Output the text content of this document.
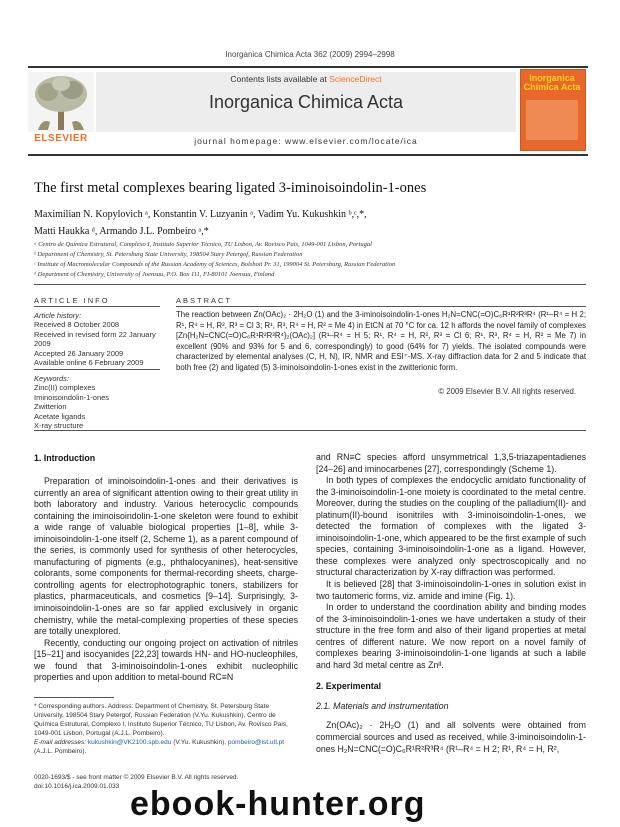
Inorganica Chimica Acta 362 (2009) 2994–2998
ELSEVIER
Contents lists available at ScienceDirect
Inorganica Chimica Acta
journal homepage: www.elsevier.com/locate/ica
Inorganica
Chimica Acta
The first metal complexes bearing ligated 3-iminoisoindolin-1-ones
Maximilian N. Kopylovich ᵃ, Konstantin V. Luzyanin ᵃ, Vadim Yu. Kukushkin ᵇ,ᶜ,*,
Matti Haukka ᵈ, Armando J.L. Pombeiro ᵃ,*
ᵃ Centro de Química Estrutural, Complexo I, Instituto Superior Técnico, TU Lisbon, Av. Rovisco Pais, 1049-001 Lisbon, Portugal
ᵇ Department of Chemistry, St. Petersburg State University, 198504 Stary Petergof, Russian Federation
ᶜ Institute of Macromolecular Compounds of the Russian Academy of Sciences, Bolshoii Pr. 31, 199004 St. Petersburg, Russian Federation
ᵈ Department of Chemistry, University of Joensuu, P.O. Box 111, FI-80101 Joensuu, Finland
ARTICLE INFO
Article history:
Received 8 October 2008
Received in revised form 22 January 2009
Accepted 26 January 2009
Available online 6 February 2009
Keywords:
Zinc(II) complexes
Iminoisoindolin-1-ones
Zwitterion
Acetate ligands
X-ray structure
ABSTRACT
The reaction between Zn(OAc)₂ · 2H₂O (1) and the 3-iminoisoindolin-1-ones H₂N=CNC(=O)C₆R¹R²R³R⁴ (R¹–R⁴ = H 2; R¹, R⁴ = H, R², R³ = Cl 3; R¹, R³, R⁴ = H, R² = Me 4) in EtCN at 70 °C for ca. 12 h affords the novel family of complexes [Zn{H₂N=CNC(=O)C₆R¹R²R³R⁴}₂(OAc)₂] (R¹–R⁴ = H 5; R¹, R⁴ = H, R², R³ = Cl 6; R¹, R³, R⁴ = H, R² = Me 7) in excellent (90% and 93% for 5 and 6, correspondingly) to good (64% for 7) yields. The isolated compounds were characterized by elemental analyses (C, H, N), IR, NMR and ESI⁺-MS. X-ray diffraction data for 2 and 5 indicate that both free (2) and ligated (5) 3-iminoisoindolin-1-ones exist in the zwitterionic form.
© 2009 Elsevier B.V. All rights reserved.
1. Introduction

Preparation of iminoisoindolin-1-ones and their derivatives is currently an area of significant attention owing to their great utility in both laboratory and industry. Various heterocyclic compounds containing the iminoisoindolin-1-one skeleton were found to exhibit a wide range of valuable biological properties [1–8], while 3-iminoisoindolin-1-one itself (2, Scheme 1), as a parent compound of the series, is commonly used for synthesis of other heterocycles, manufacturing of pigments (e.g., phthalocyanines), heat-sensitive colorants, some components for thermal-recording sheets, charge-controlling agents for electrophotographic toners, stabilizers for plastics, pharmaceuticals, and cosmetics [9–14]. Surprisingly, 3-iminoisoindolin-1-ones are so far applied exclusively in organic chemistry, while the metal-complexing properties of these species are totally unexplored.

Recently, conducting our ongoing project on activation of nitriles [15–21] and isocyanides [22,23] towards HN- and HO-nucleophiles, we found that 3-iminoisoindolin-1-ones exhibit nucleophilic properties and upon addition to metal-bound RC≡N

and RN≡C species afford unsymmetrical 1,3,5-triazapentadienes [24–26] and iminocarbenes [27], correspondingly (Scheme 1).

In both types of complexes the endocyclic amidato functionality of the 3-iminoisoindolin-1-one moiety is coordinated to the metal centre. Moreover, during the studies on the coupling of the palladium(II)- and platinum(II)-bound isonitriles with 3-iminoisoindolin-1-ones, we detected the formation of complexes with the ligated 3-iminoisoindolin-1-one, which appeared to be the first example of such species, containing 3-iminoisoindolin-1-one as a ligand. However, these complexes were analyzed only spectroscopically and no structural characterization by X-ray diffraction was performed.

It is believed [28] that 3-iminoisoindolin-1-ones in solution exist in two tautomeric forms, viz. amide and imine (Fig. 1).

In order to understand the coordination ability and binding modes of the 3-iminoisoindolin-1-ones we have undertaken a study of their structure in the free form and also of their ligand properties at metal centres of different nature. We now report on a novel family of complexes bearing 3-iminoisoindolin-1-one ligands at such a labile and hard 3d metal centre as Znᴵᴵ.

2. Experimental
2.1. Materials and instrumentation

Zn(OAc)₂ · 2H₂O (1) and all solvents were obtained from commercial sources and used as received, while 3-iminoisoindolin-1-ones H₂N=CNC(=O)C₆R¹R²R³R⁴ (R¹–R⁴ = H 2; R¹, R⁴ = H, R²,

* Corresponding authors. Address: Department of Chemistry, St. Petersburg State University, 198504 Stary Petergof, Russian Federation (V.Yu. Kukushkin), Centro de Química Estrutural, Complexo I, Instituto Superior Técnico, TU Lisbon, Av. Rovisco Pais, 1049-001 Lisbon, Portugal (A.J.L. Pombeiro).
E-mail addresses: kukushkin@VK2100.spb.edu (V.Yu. Kukushkin), pombeiro@ist.utl.pt (A.J.L. Pombeiro).
0020-1693/$ - see front matter © 2009 Elsevier B.V. All rights reserved.
doi:10.1016/j.ica.2009.01.033 ebook-hunter.org
